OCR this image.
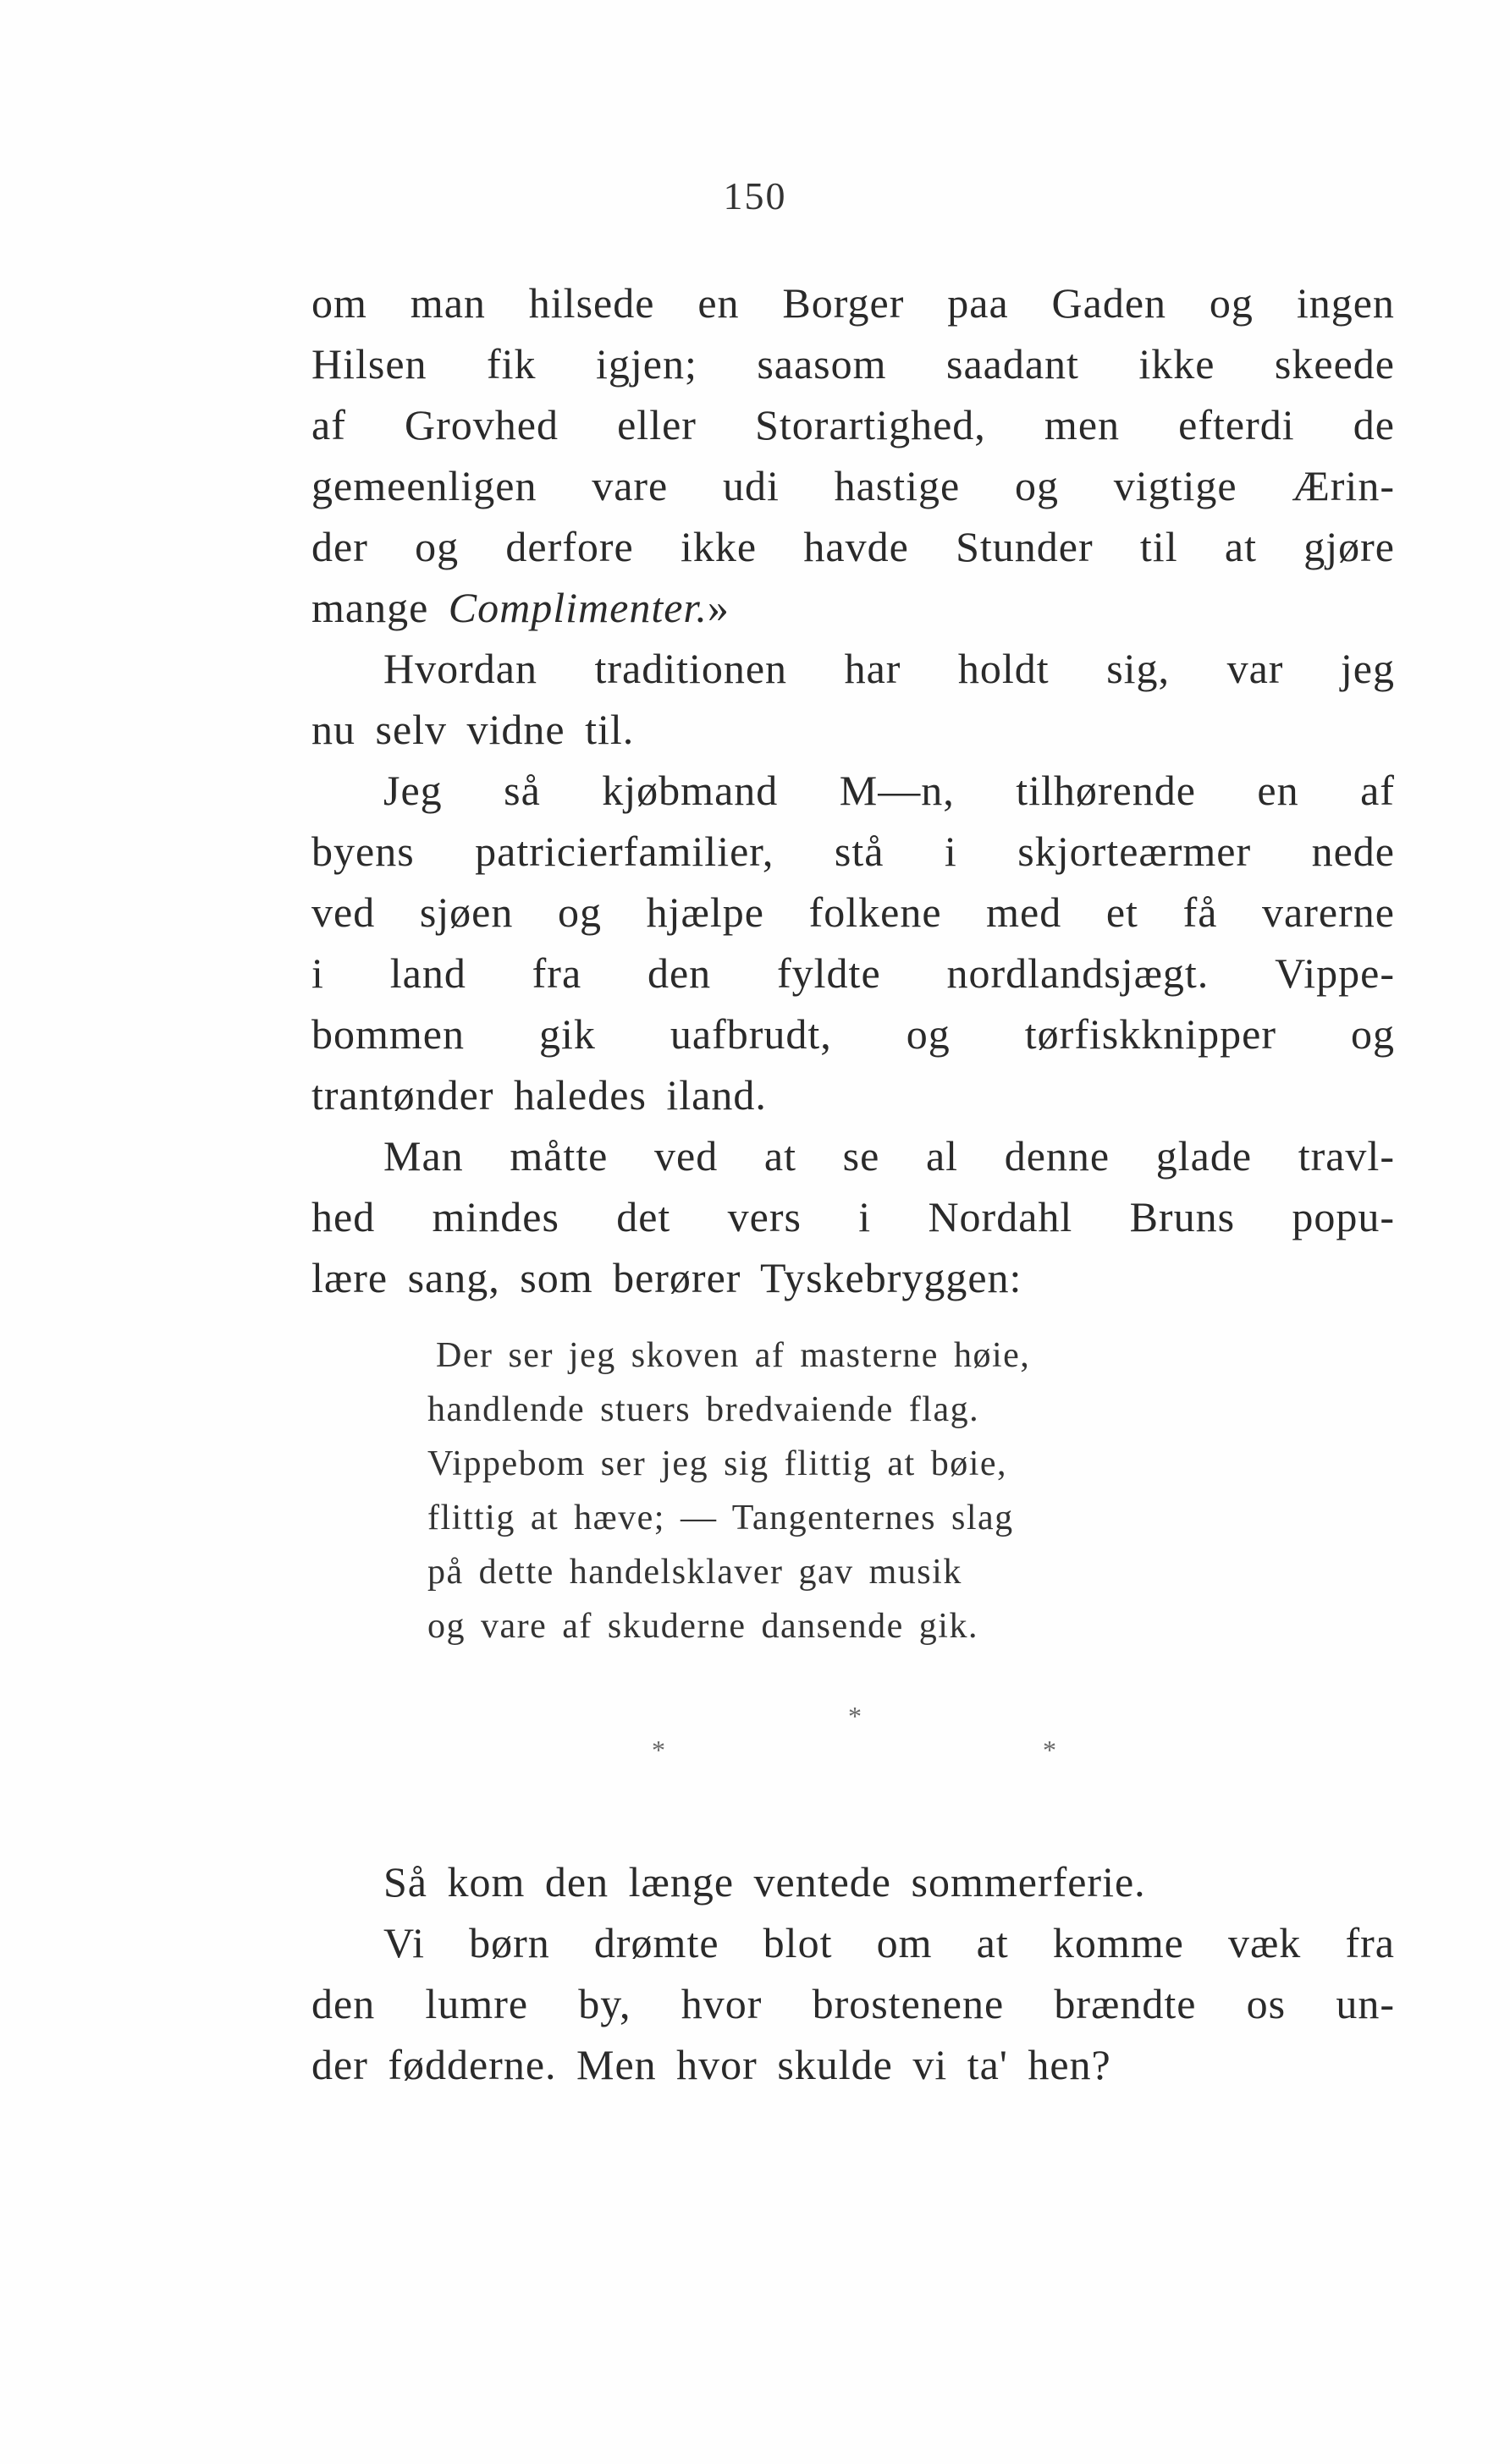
150
om man hilsede en Borger paa Gaden og ingen
Hilsen fik igjen; saasom saadant ikke skeede
af Grovhed eller Storartighed, men efterdi de
gemeenligen vare udi hastige og vigtige Ærin-
der og derfore ikke havde Stunder til at gjøre
mange
Complimenter. »
Hvordan traditionen har holdt sig, var jeg
nu selv vidne til.
Jeg så kjøbmand M—n, tilhørende en af
byens patricierfamilier, stå i skjorteærmer nede
ved sjøen og hjælpe folkene med et få varerne
i land fra den fyldte nordlandsjægt. Vippe-
bommen gik uafbrudt, og tørfiskknipper og
trantønder haledes iland.
Man måtte ved at se al denne glade travl-
hed mindes det vers i Nordahl Bruns popu-
lære sang, som berører Tyskebryggen:
Der ser jeg skoven af masterne høie,
handlende stuers bredvaiende flag.
Vippebom ser jeg sig flittig at bøie,
flittig at hæve; — Tangenternes slag
på dette handelsklaver gav musik
og vare af skuderne dansende gik.
*
*	*
Så kom den længe ventede sommerferie.
Vi børn drømte blot om at komme væk fra
den lumre by, hvor brostenene brændte os un-
der fødderne. Men hvor skulde vi ta' hen?
